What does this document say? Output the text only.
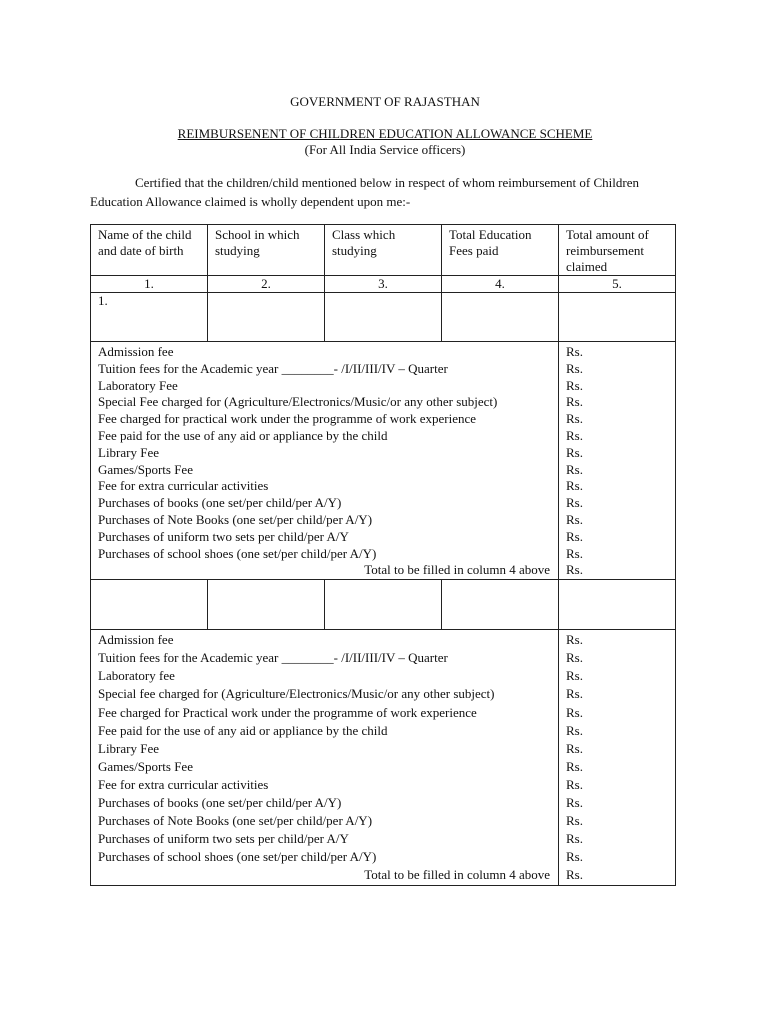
GOVERNMENT OF RAJASTHAN
REIMBURSENENT OF CHILDREN EDUCATION ALLOWANCE SCHEME
(For All India Service officers)
Certified that the children/child mentioned below in respect of whom reimbursement of Children Education Allowance claimed is wholly dependent upon me:-
Name of the child and date of birth	School in which studying	Class which studying	Total Education Fees paid	Total amount of reimbursement claimed
1.	2.	3.	4.	5.
1.				
Admission fee				Rs.
Tuition fees for the Academic year ________- /I/II/III/IV – Quarter				Rs.
Laboratory Fee				Rs.
Special Fee charged for (Agriculture/Electronics/Music/or any other subject)				Rs.
Fee charged for practical work under the programme of work experience				Rs.
Fee paid for the use of any aid or appliance by the child				Rs.
Library Fee				Rs.
Games/Sports Fee				Rs.
Fee for extra curricular activities				Rs.
Purchases of books (one set/per child/per A/Y)				Rs.
Purchases of Note Books (one set/per child/per A/Y)				Rs.
Purchases of uniform two sets per child/per A/Y				Rs.
Purchases of school shoes (one set/per child/per A/Y)				Rs.
Total to be filled in column 4 above				Rs.

Admission fee				Rs.
Tuition fees for the Academic year ________- /I/II/III/IV – Quarter				Rs.
Laboratory fee				Rs.
Special fee charged for (Agriculture/Electronics/Music/or any other subject)				Rs.
Fee charged for Practical work under the programme of work experience				Rs.
Fee paid for the use of any aid or appliance by the child				Rs.
Library Fee				Rs.
Games/Sports Fee				Rs.
Fee for extra curricular activities				Rs.
Purchases of books (one set/per child/per A/Y)				Rs.
Purchases of Note Books (one set/per child/per A/Y)				Rs.
Purchases of uniform two sets per child/per A/Y				Rs.
Purchases of school shoes (one set/per child/per A/Y)				Rs.
Total to be filled in column 4 above				Rs.
